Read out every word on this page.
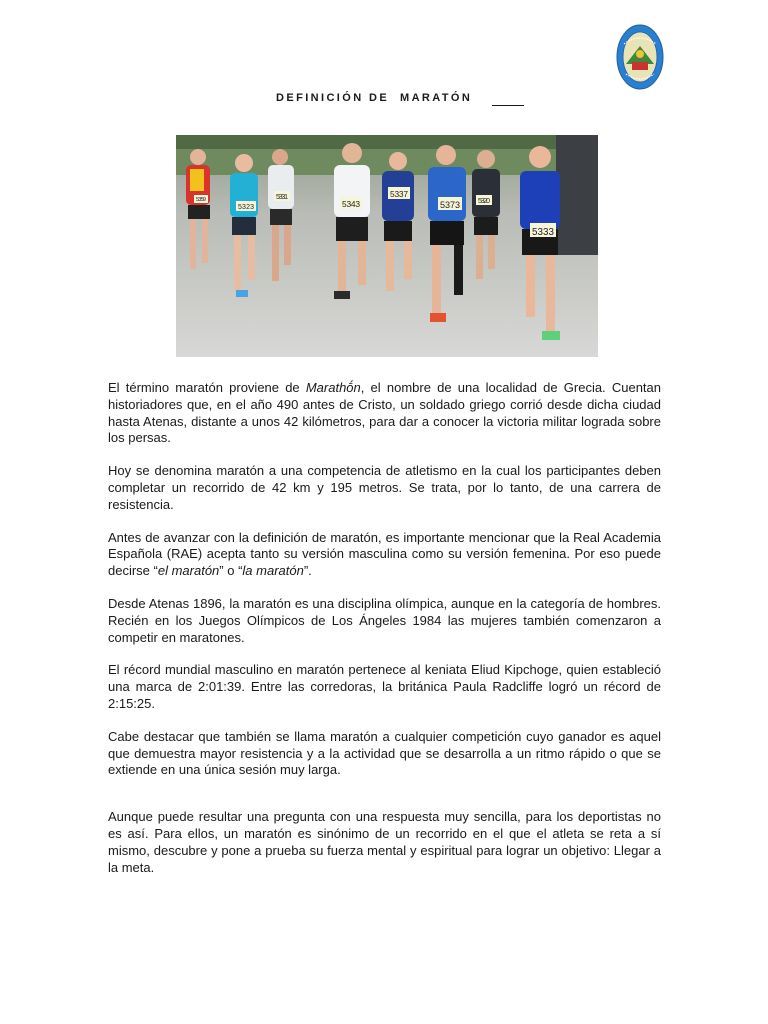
DEFINICIÓN DE  MARATÓN
5359
5323
5331
5343
5337
5373	5320
5333

El término maratón proviene de Marathṓn, el nombre de una localidad de Grecia. Cuentan historiadores que, en el año 490 antes de Cristo, un soldado griego corrió desde dicha ciudad hasta Atenas, distante a unos 42 kilómetros, para dar a conocer la victoria militar lograda sobre los persas.

Hoy se denomina maratón a una competencia de atletismo en la cual los participantes deben completar un recorrido de 42 km y 195 metros. Se trata, por lo tanto, de una carrera de resistencia.

Antes de avanzar con la definición de maratón, es importante mencionar que la Real Academia Española (RAE) acepta tanto su versión masculina como su versión femenina. Por eso puede decirse “el maratón” o “la maratón”.

Desde Atenas 1896, la maratón es una disciplina olímpica, aunque en la categoría de hombres. Recién en los Juegos Olímpicos de Los Ángeles 1984 las mujeres también comenzaron a competir en maratones.

El récord mundial masculino en maratón pertenece al keniata Eliud Kipchoge, quien estableció una marca de 2:01:39. Entre las corredoras, la británica Paula Radcliffe logró un récord de 2:15:25.

Cabe destacar que también se llama maratón a cualquier competición cuyo ganador es aquel que demuestra mayor resistencia y a la actividad que se desarrolla a un ritmo rápido o que se extiende en una única sesión muy larga.

Aunque puede resultar una pregunta con una respuesta muy sencilla, para los deportistas no es así. Para ellos, un maratón es sinónimo de un recorrido en el que el atleta se reta a sí mismo, descubre y pone a prueba su fuerza mental y espiritual para lograr un objetivo: Llegar a la meta.
